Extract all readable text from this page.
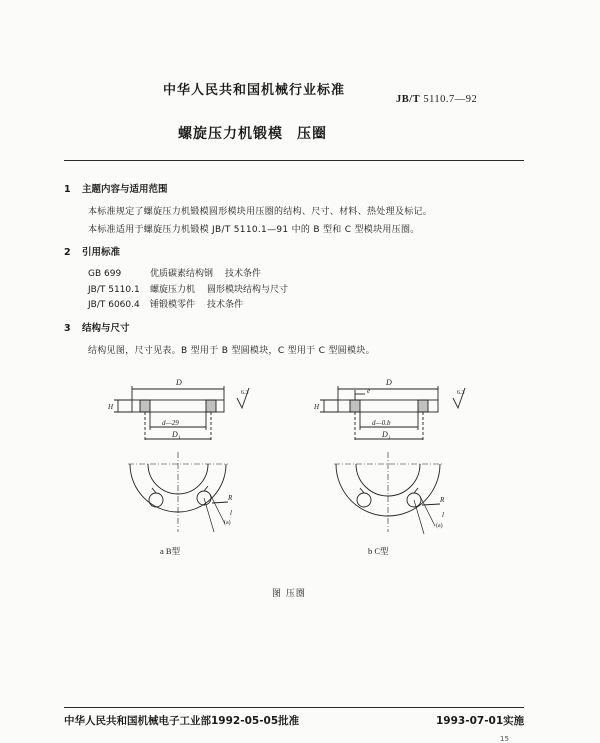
中华人民共和国机械行业标准
JB/T 5110.7—92
螺旋压力机锻模 压圈
1 主题内容与适用范围
本标准规定了螺旋压力机锻模圆形模块用压圈的结构、尺寸、材料、热处理及标记。
本标准适用于螺旋压力机锻模 JB/T 5110.1—91 中的 B 型和 C 型模块用压圈。
2 引用标准
GB 699	优质碳素结构钢 技术条件
JB/T 5110.1 螺旋压力机 圆形模块结构与尺寸
JB/T 6060.4 锤锻模零件 技术条件
3 结构与尺寸
结构见图，尺寸见表。B 型用于 B 型圆模块，C 型用于 C 型圆模块。
D
d—29
D₁
H
6.3
R
l
(a)
a B型
D
e
d—0.b
D₁
H
6.3
R
l
(a)
b C型
图 压圈
中华人民共和国机械电子工业部1992-05-05批准	1993-07-01实施
15
